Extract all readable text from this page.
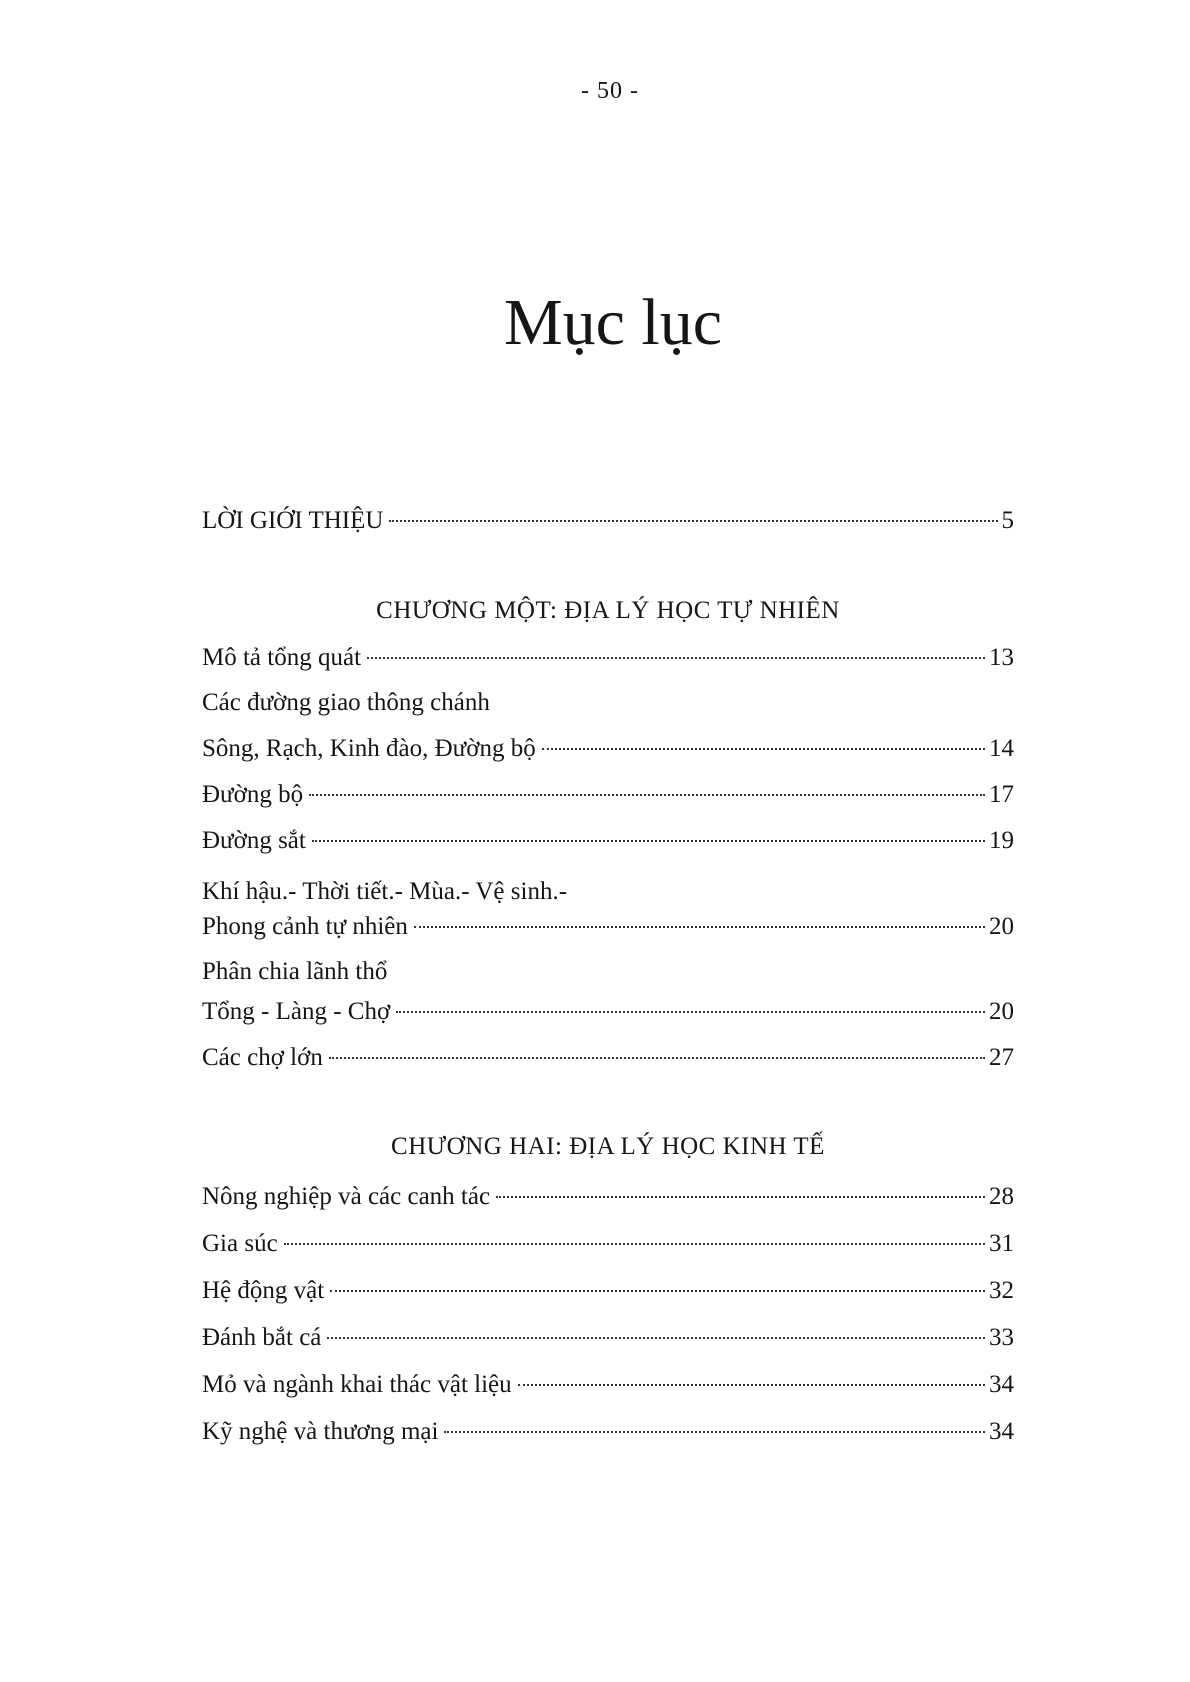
- 50 -
Mục lục
LỜI GIỚI THIỆU	5
CHƯƠNG MỘT: ĐỊA LÝ HỌC TỰ NHIÊN
Mô tả tổng quát	13
Các đường giao thông chánh
Sông, Rạch, Kinh đào, Đường bộ	14
Đường bộ	17
Đường sắt	19
Khí hậu.- Thời tiết.- Mùa.- Vệ sinh.-
Phong cảnh tự nhiên	20
Phân chia lãnh thổ
Tổng - Làng - Chợ	20
Các chợ lớn	27
CHƯƠNG HAI: ĐỊA LÝ HỌC KINH TẾ
Nông nghiệp và các canh tác	28
Gia súc	31
Hệ động vật	32
Đánh bắt cá	33
Mỏ và ngành khai thác vật liệu	34
Kỹ nghệ và thương mại	34
